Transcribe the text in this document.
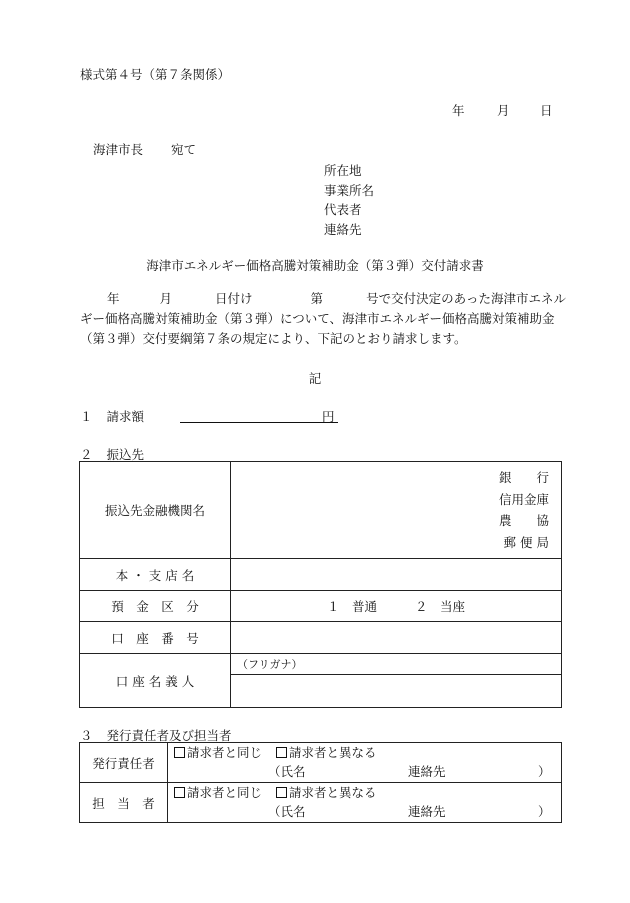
様式第４号（第７条関係）
年	月 日
海津市長 宛て
所在地
事業所名
代表者
連絡先
海津市エネルギー価格高騰対策補助金（第３弾）交付請求書
年	月	日付け	第	号で交付決定のあった海津市エネルギー価格高騰対策補助金（第３弾）について、海津市エネルギー価格高騰対策補助金（第３弾）交付要綱第７条の規定により、下記のとおり請求します。
記
１ 請求額	円
２ 振込先
振込先金融機関名	銀　　行
信用金庫
農　　協
郵 便 局

本 ・ 支 店 名	
預　金　区　分	１　普通 ２　当座
口　座　番　号	
口 座 名 義 人	（フリガナ）

３ 発行責任者及び担当者
発行責任者	請求者と同じ 請求者と異なる
（氏名 連絡先 ）

担　当　者	請求者と同じ 請求者と異なる
（氏名 連絡先 ）
